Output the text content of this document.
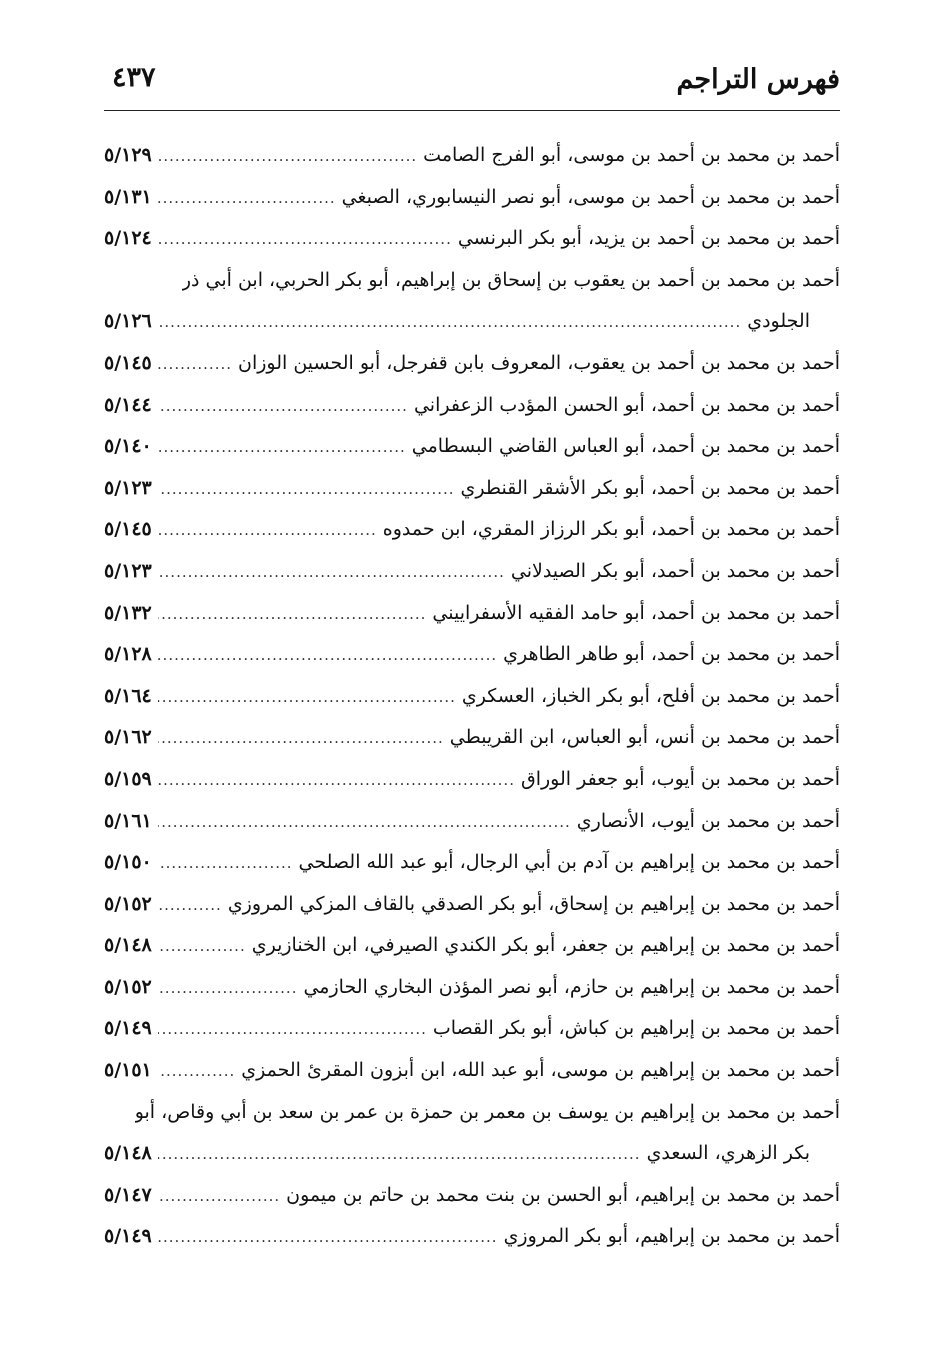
فهرس التراجم
٤٣٧
أحمد بن محمد بن أحمد بن موسى، أبو الفرج الصامت
.....
٥/١٢٩
أحمد بن محمد بن أحمد بن موسى، أبو نصر النيسابوري، الصبغي
.....
٥/١٣١
أحمد بن محمد بن أحمد بن يزيد، أبو بكر البرنسي
.....
٥/١٢٤
أحمد بن محمد بن أحمد بن يعقوب بن إسحاق بن إبراهيم، أبو بكر الحربي، ابن أبي ذر
الجلودي
.....
٥/١٢٦
أحمد بن محمد بن أحمد بن يعقوب، المعروف بابن قفرجل، أبو الحسين الوزان
.....
٥/١٤٥
أحمد بن محمد بن أحمد، أبو الحسن المؤدب الزعفراني
.....
٥/١٤٤
أحمد بن محمد بن أحمد، أبو العباس القاضي البسطامي
.....
٥/١٤٠
أحمد بن محمد بن أحمد، أبو بكر الأشقر القنطري
.....
٥/١٢٣
أحمد بن محمد بن أحمد، أبو بكر الرزاز المقري، ابن حمدوه
.....
٥/١٤٥
أحمد بن محمد بن أحمد، أبو بكر الصيدلاني
.....
٥/١٢٣
أحمد بن محمد بن أحمد، أبو حامد الفقيه الأسفراييني
.....
٥/١٣٢
أحمد بن محمد بن أحمد، أبو طاهر الطاهري
.....
٥/١٢٨
أحمد بن محمد بن أفلح، أبو بكر الخباز، العسكري
.....
٥/١٦٤
أحمد بن محمد بن أنس، أبو العباس، ابن القريبطي
.....
٥/١٦٢
أحمد بن محمد بن أيوب، أبو جعفر الوراق
.....
٥/١٥٩
أحمد بن محمد بن أيوب، الأنصاري
.....
٥/١٦١
أحمد بن محمد بن إبراهيم بن آدم بن أبي الرجال، أبو عبد الله الصلحي
.....
٥/١٥٠
أحمد بن محمد بن إبراهيم بن إسحاق، أبو بكر الصدقي بالقاف المزكي المروزي
.....
٥/١٥٢
أحمد بن محمد بن إبراهيم بن جعفر، أبو بكر الكندي الصيرفي، ابن الخنازيري
.....
٥/١٤٨
أحمد بن محمد بن إبراهيم بن حازم، أبو نصر المؤذن البخاري الحازمي
.....
٥/١٥٢
أحمد بن محمد بن إبراهيم بن كباش، أبو بكر القصاب
.....
٥/١٤٩
أحمد بن محمد بن إبراهيم بن موسى، أبو عبد الله، ابن أبزون المقرئ الحمزي
.....
٥/١٥١
أحمد بن محمد بن إبراهيم بن يوسف بن معمر بن حمزة بن عمر بن سعد بن أبي وقاص، أبو
بكر الزهري، السعدي
.....
٥/١٤٨
أحمد بن محمد بن إبراهيم، أبو الحسن بن بنت محمد بن حاتم بن ميمون
.....
٥/١٤٧
أحمد بن محمد بن إبراهيم، أبو بكر المروزي
.....
٥/١٤٩
